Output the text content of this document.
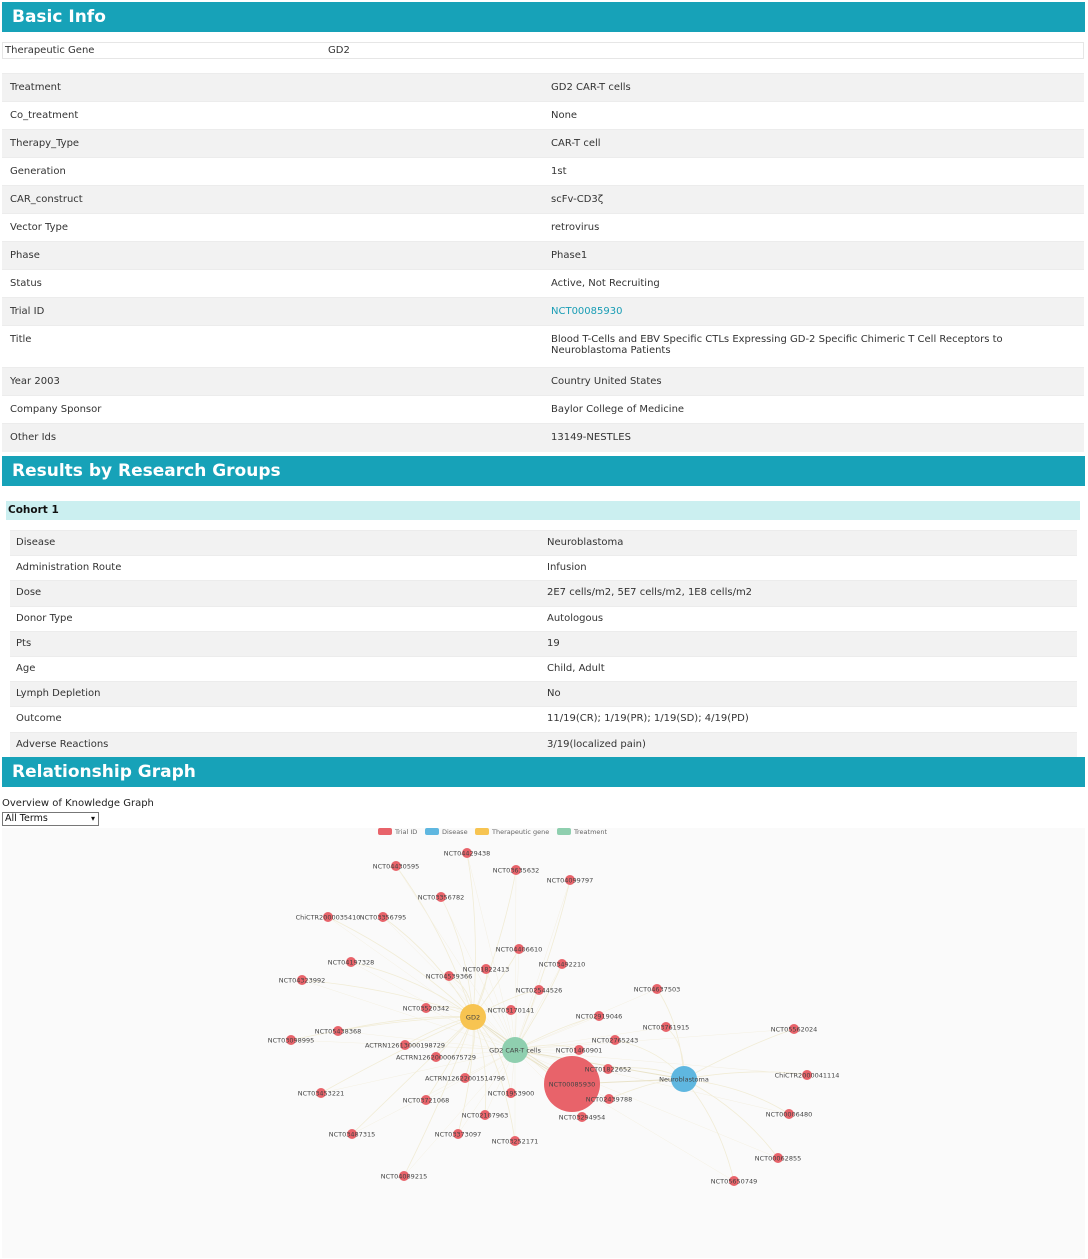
Basic Info
Therapeutic Gene	GD2
Treatment	GD2 CAR-T cells
Co_treatment	None
Therapy_Type	CAR-T cell
Generation	1st
CAR_construct	scFv-CD3ζ
Vector Type	retrovirus
Phase	Phase1
Status	Active, Not Recruiting
Trial ID	NCT00085930
Title	Blood T-Cells and EBV Specific CTLs Expressing GD-2 Specific Chimeric T Cell Receptors to Neuroblastoma Patients
Year 2003	Country United States
Company Sponsor	Baylor College of Medicine
Other Ids	13149-NESTLES
Results by Research Groups
Cohort 1
Disease	Neuroblastoma
Administration Route	Infusion
Dose	2E7 cells/m2, 5E7 cells/m2, 1E8 cells/m2
Donor Type	Autologous
Pts	19
Age	Child, Adult
Lymph Depletion	No
Outcome	11/19(CR); 1/19(PR); 1/19(SD); 4/19(PD)
Adverse Reactions	3/19(localized pain)
Relationship Graph
Overview of Knowledge Graph
All Terms	▾
Trial ID	Disease	Therapeutic gene	Treatment
NCT04429438
NCT04430595	NCT03635632
NCT04099797
NCT03356782
ChiCTR2000035410 NCT03356795
NCT04406610
NCT03492210
NCT04197328
NCT01822413
NCT04539366
NCT04323992
NCT02544526	NCT04637503
NCT03520342	NCT03170141
NCT02919046
NCT03761915	NCT05562024
NCT05438368
NCT03098995
ACTRN12613000198729
ACTRN12620000675729
NCT02765243
NCT01460901
NCT01822652
ChiCTR2000041114
ACTRN12622001514796
NCT03453221	NCT01953900
NCT02439788
NCT00006480
NCT03721068
NCT02107963	NCT03294954
NCT03487315	NCT03373097
NCT03252171
NCT00062855
NCT04089215
NCT05650749
GD2
GD2 CAR-T cells
Neuroblastoma
NCT00085930
